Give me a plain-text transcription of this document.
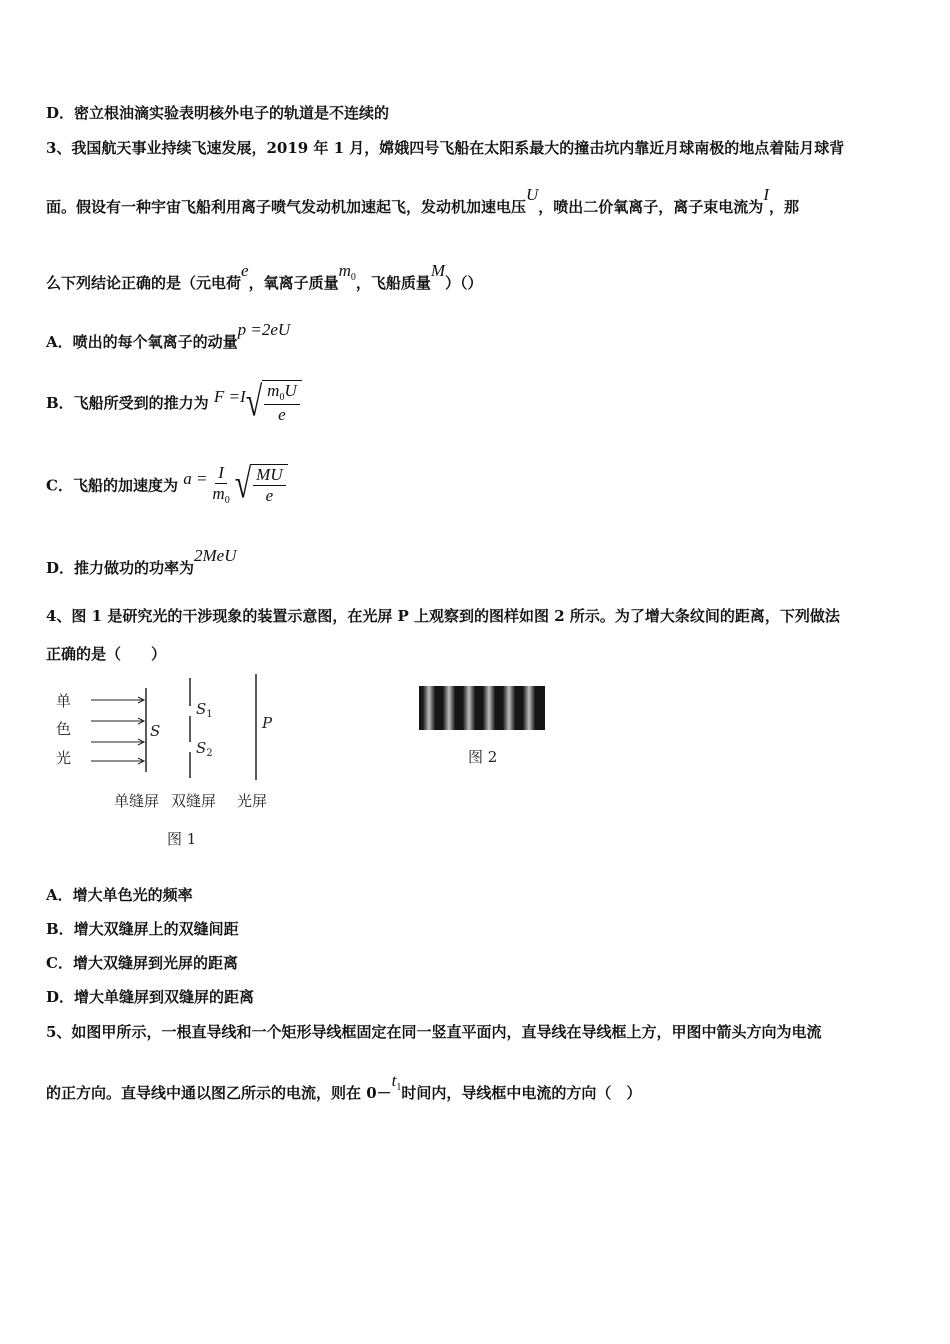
D．密立根油滴实验表明核外电子的轨道是不连续的
3、我国航天事业持续飞速发展，2019 年 1 月，嫦娥四号飞船在太阳系最大的撞击坑内靠近月球南极的地点着陆月球背
面。假设有一种宇宙飞船利用离子喷气发动机加速起飞，发动机加速电压U，喷出二价氧离子，离子束电流为I，那
么下列结论正确的是（元电荷e，氧离子质量$m_0$，飞船质量M）（）
A．喷出的每个氧离子的动量p =2eU
B．飞船所受到的推力为 F =I √ $\frac{m_0U}{e}$
C．飞船的加速度为 $a = \frac{I}{m_0}$ √ $\frac{MU}{e}$
D．推力做功的功率为2MeU
4、图 1 是研究光的干涉现象的装置示意图，在光屏 P 上观察到的图样如图 2 所示。为了增大条纹间的距离，下列做法
正确的是（　　）
单
色
光
S
$S_1$
$S_2$
P
单缝屏 双缝屏 光屏
图 1
图 2
A．增大单色光的频率
B．增大双缝屏上的双缝间距
C．增大双缝屏到光屏的距离
D．增大单缝屏到双缝屏的距离
5、如图甲所示，一根直导线和一个矩形导线框固定在同一竖直平面内，直导线在导线框上方，甲图中箭头方向为电流
的正方向。直导线中通以图乙所示的电流，则在 $0-t_1$时间内，导线框中电流的方向（　）
